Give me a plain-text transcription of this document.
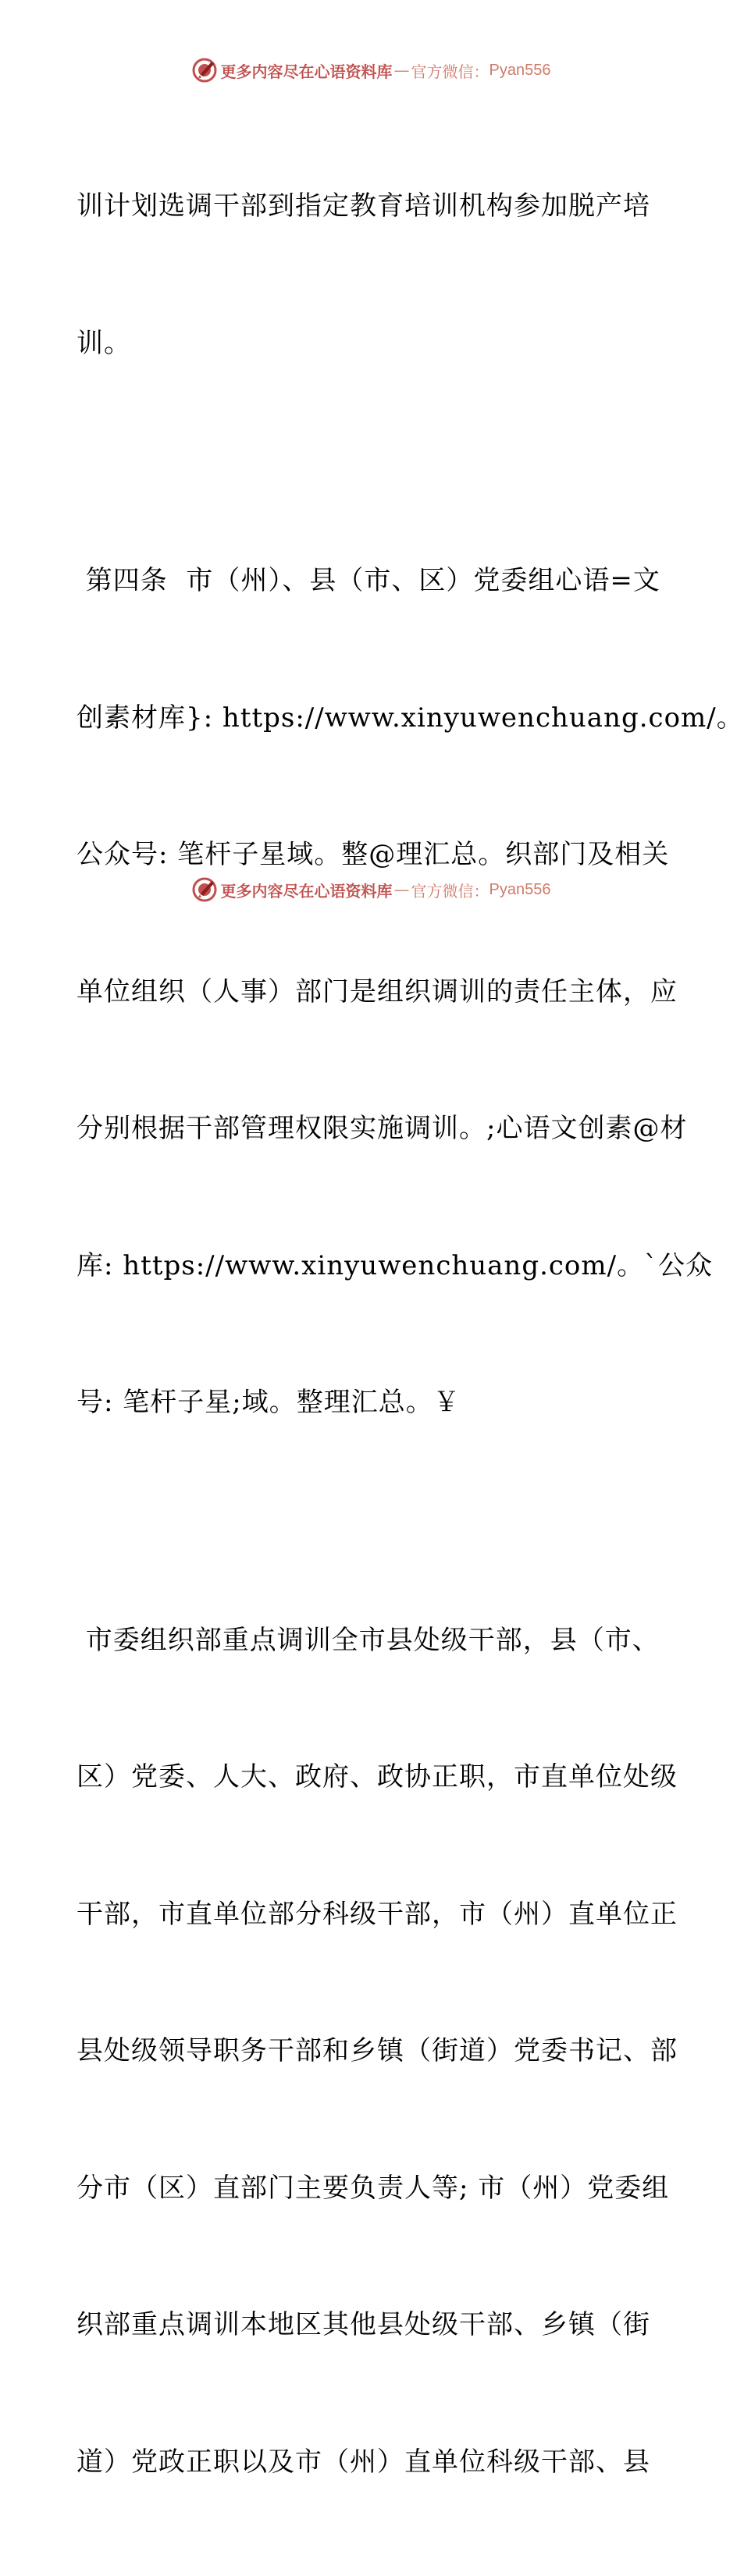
更多内容尽在心语资料库 — 官方微信： Pyan556

训计划选调干部到指定教育培训机构参加脱产培

训。

第四条  市（州）、县（市、区）党委组心语=文

创素材库}: https://www.xinyuwenchuang.com/。

公众号: 笔杆子星域。整@理汇总。织部门及相关

单位组织（人事）部门是组织调训的责任主体，应

分别根据干部管理权限实施调训。;心语文创素@材

库: https://www.xinyuwenchuang.com/。`公众

号: 笔杆子星;域。整理汇总。￥

市委组织部重点调训全市县处级干部，县（市、

区）党委、人大、政府、政协正职，市直单位处级

干部，市直单位部分科级干部，市（州）直单位正

县处级领导职务干部和乡镇（街道）党委书记、部

分市（区）直部门主要负责人等; 市（州）党委组

织部重点调训本地区其他县处级干部、乡镇（街

道）党政正职以及市（州）直单位科级干部、县

更多内容尽在心语资料库 — 官方微信： Pyan556
